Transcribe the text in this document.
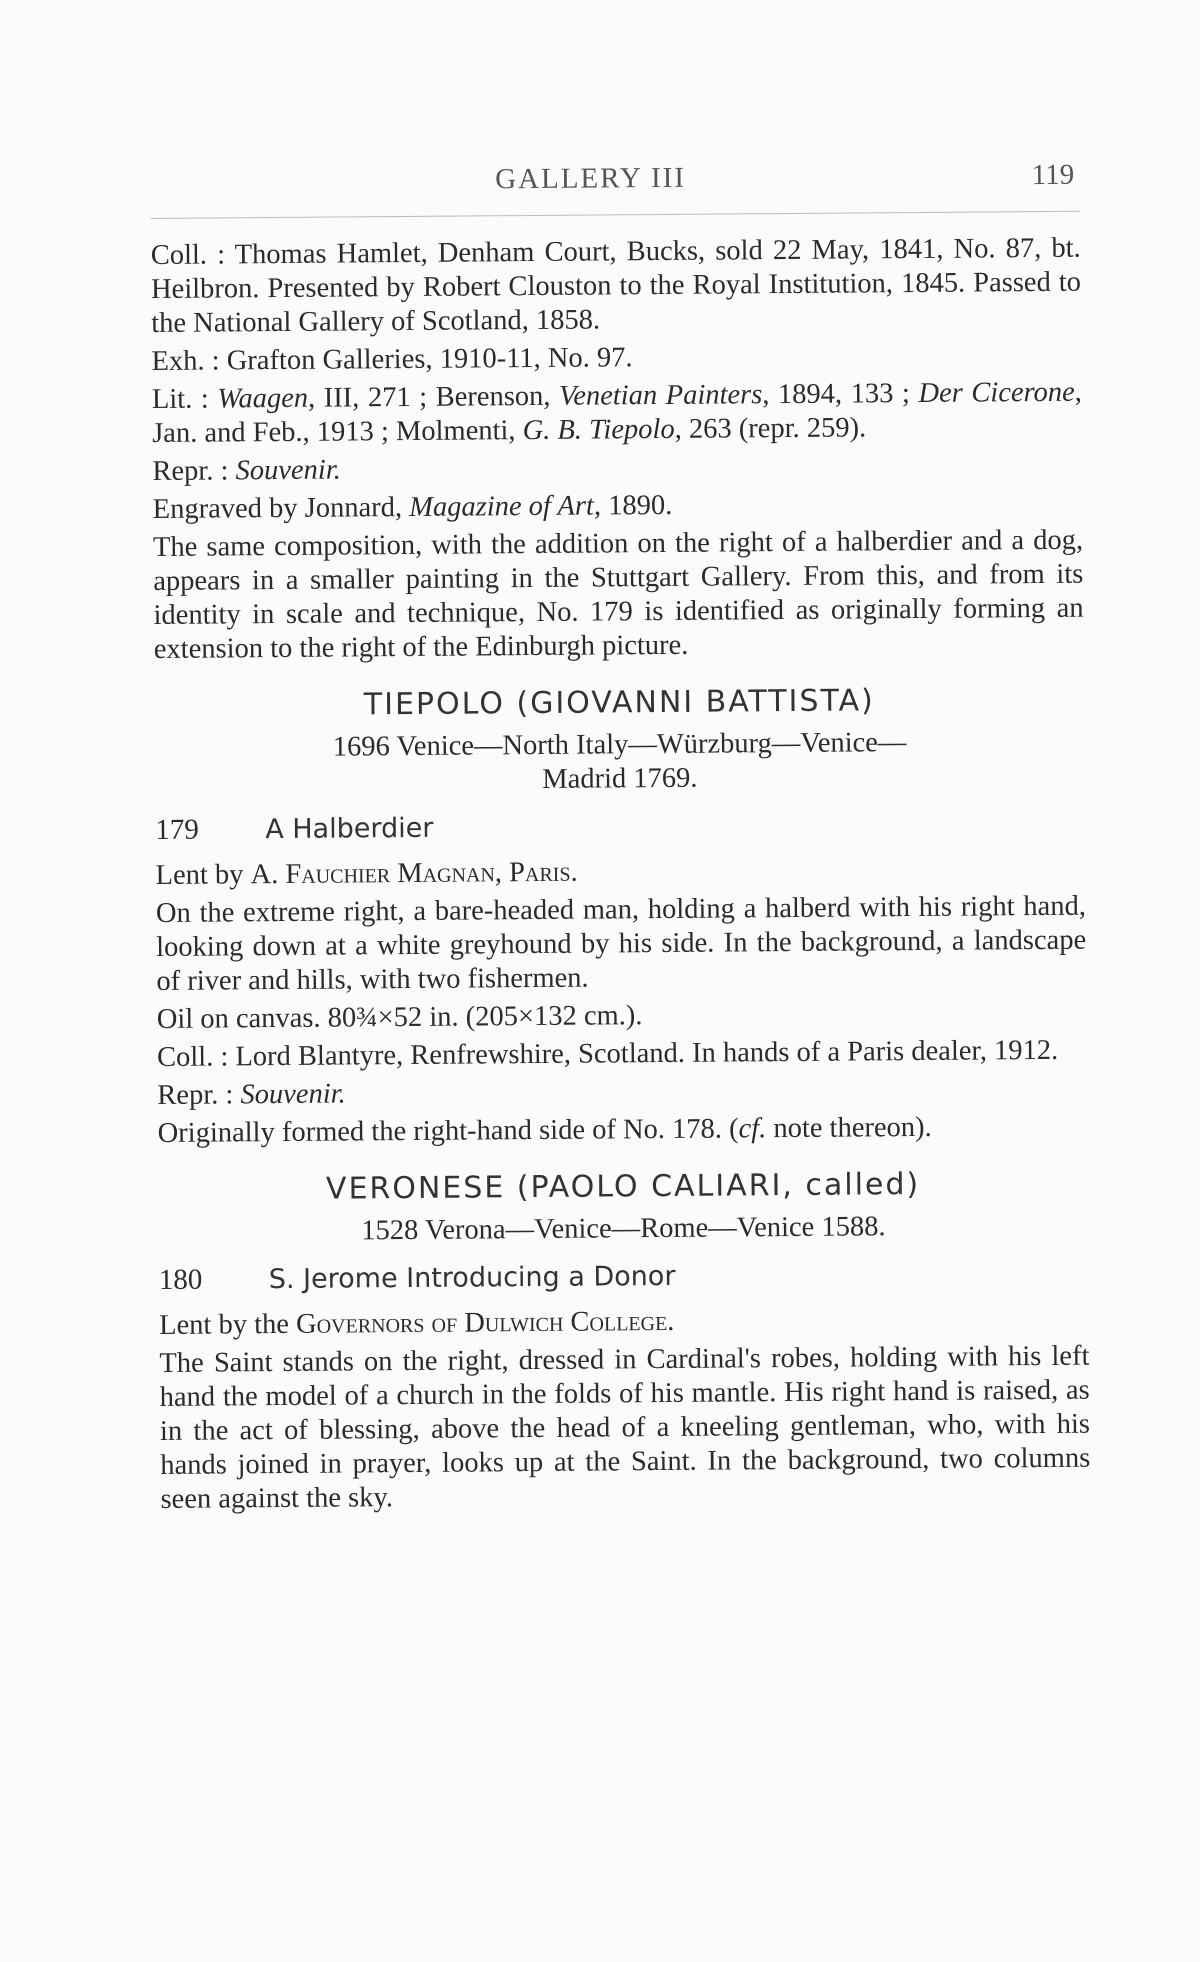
GALLERY III	119

Coll. : Thomas Hamlet, Denham Court, Bucks, sold 22 May, 1841, No. 87, bt. Heilbron. Presented by Robert Clouston to the Royal Institution, 1845. Passed to the National Gallery of Scotland, 1858.

Exh. : Grafton Galleries, 1910-11, No. 97.

Lit. : Waagen, III, 271 ; Berenson, Venetian Painters, 1894, 133 ; Der Cicerone, Jan. and Feb., 1913 ; Molmenti, G. B. Tiepolo, 263 (repr. 259).

Repr. : Souvenir.

Engraved by Jonnard, Magazine of Art, 1890.

The same composition, with the addition on the right of a halberdier and a dog, appears in a smaller painting in the Stuttgart Gallery. From this, and from its identity in scale and technique, No. 179 is identified as originally forming an extension to the right of the Edinburgh picture.

TIEPOLO (GIOVANNI BATTISTA)
1696 Venice—North Italy—Würzburg—Venice—
Madrid 1769.
179	A Halberdier

Lent by A. Fauchier Magnan, Paris.

On the extreme right, a bare-headed man, holding a halberd with his right hand, looking down at a white greyhound by his side. In the background, a landscape of river and hills, with two fishermen.

Oil on canvas. 80¾×52 in. (205×132 cm.).

Coll. : Lord Blantyre, Renfrewshire, Scotland. In hands of a Paris dealer, 1912.

Repr. : Souvenir.

Originally formed the right-hand side of No. 178. (cf. note thereon).

VERONESE (PAOLO CALIARI, called)
1528 Verona—Venice—Rome—Venice 1588.
180	S. Jerome Introducing a Donor

Lent by the Governors of Dulwich College.

The Saint stands on the right, dressed in Cardinal's robes, holding with his left hand the model of a church in the folds of his mantle. His right hand is raised, as in the act of blessing, above the head of a kneeling gentleman, who, with his hands joined in prayer, looks up at the Saint. In the background, two columns seen against the sky.
